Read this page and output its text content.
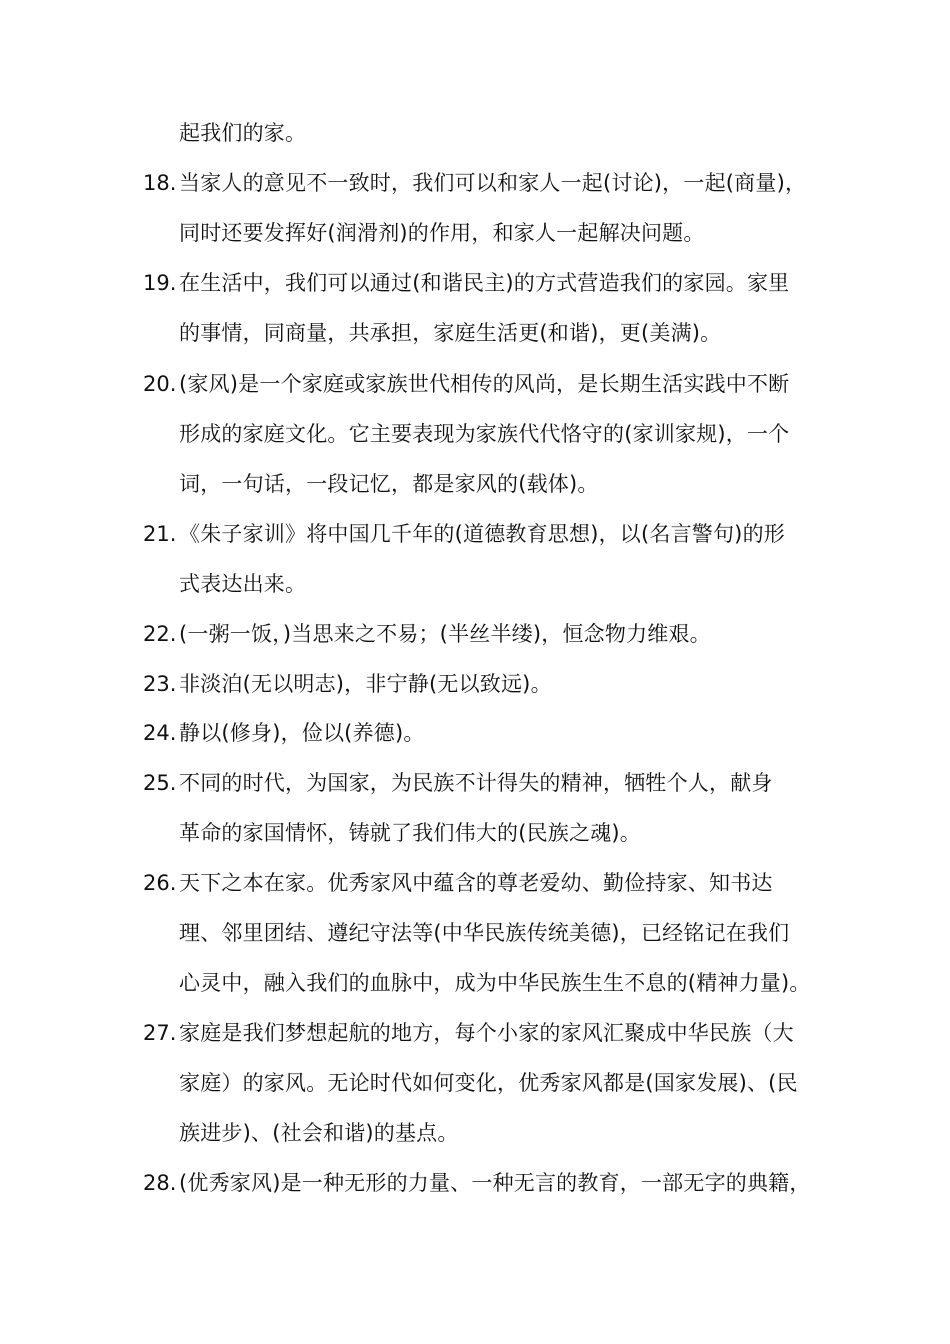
起我们的家。
18. 当家人的意见不一致时，我们可以和家人一起(讨论)，一起(商量)，
同时还要发挥好(润滑剂)的作用，和家人一起解决问题。
19. 在生活中，我们可以通过(和谐民主)的方式营造我们的家园。家里
的事情，同商量，共承担，家庭生活更(和谐)，更(美满)。
20. (家风)是一个家庭或家族世代相传的风尚，是长期生活实践中不断
形成的家庭文化。它主要表现为家族代代恪守的(家训家规)，一个
词，一句话，一段记忆，都是家风的(载体)。
21. 《朱子家训》将中国几千年的(道德教育思想)，以(名言警句)的形
式表达出来。
22. (一粥一饭，)当思来之不易；(半丝半缕)，恒念物力维艰。
23. 非淡泊(无以明志)，非宁静(无以致远)。
24. 静以(修身)，俭以(养德)。
25. 不同的时代，为国家，为民族不计得失的精神，牺牲个人，献身
革命的家国情怀，铸就了我们伟大的(民族之魂)。
26. 天下之本在家。优秀家风中蕴含的尊老爱幼、勤俭持家、知书达
理、邻里团结、遵纪守法等(中华民族传统美德)，已经铭记在我们
心灵中，融入我们的血脉中，成为中华民族生生不息的(精神力量)。
27. 家庭是我们梦想起航的地方，每个小家的家风汇聚成中华民族（大
家庭）的家风。无论时代如何变化，优秀家风都是(国家发展)、(民
族进步)、(社会和谐)的基点。
28. (优秀家风)是一种无形的力量、一种无言的教育，一部无字的典籍，
